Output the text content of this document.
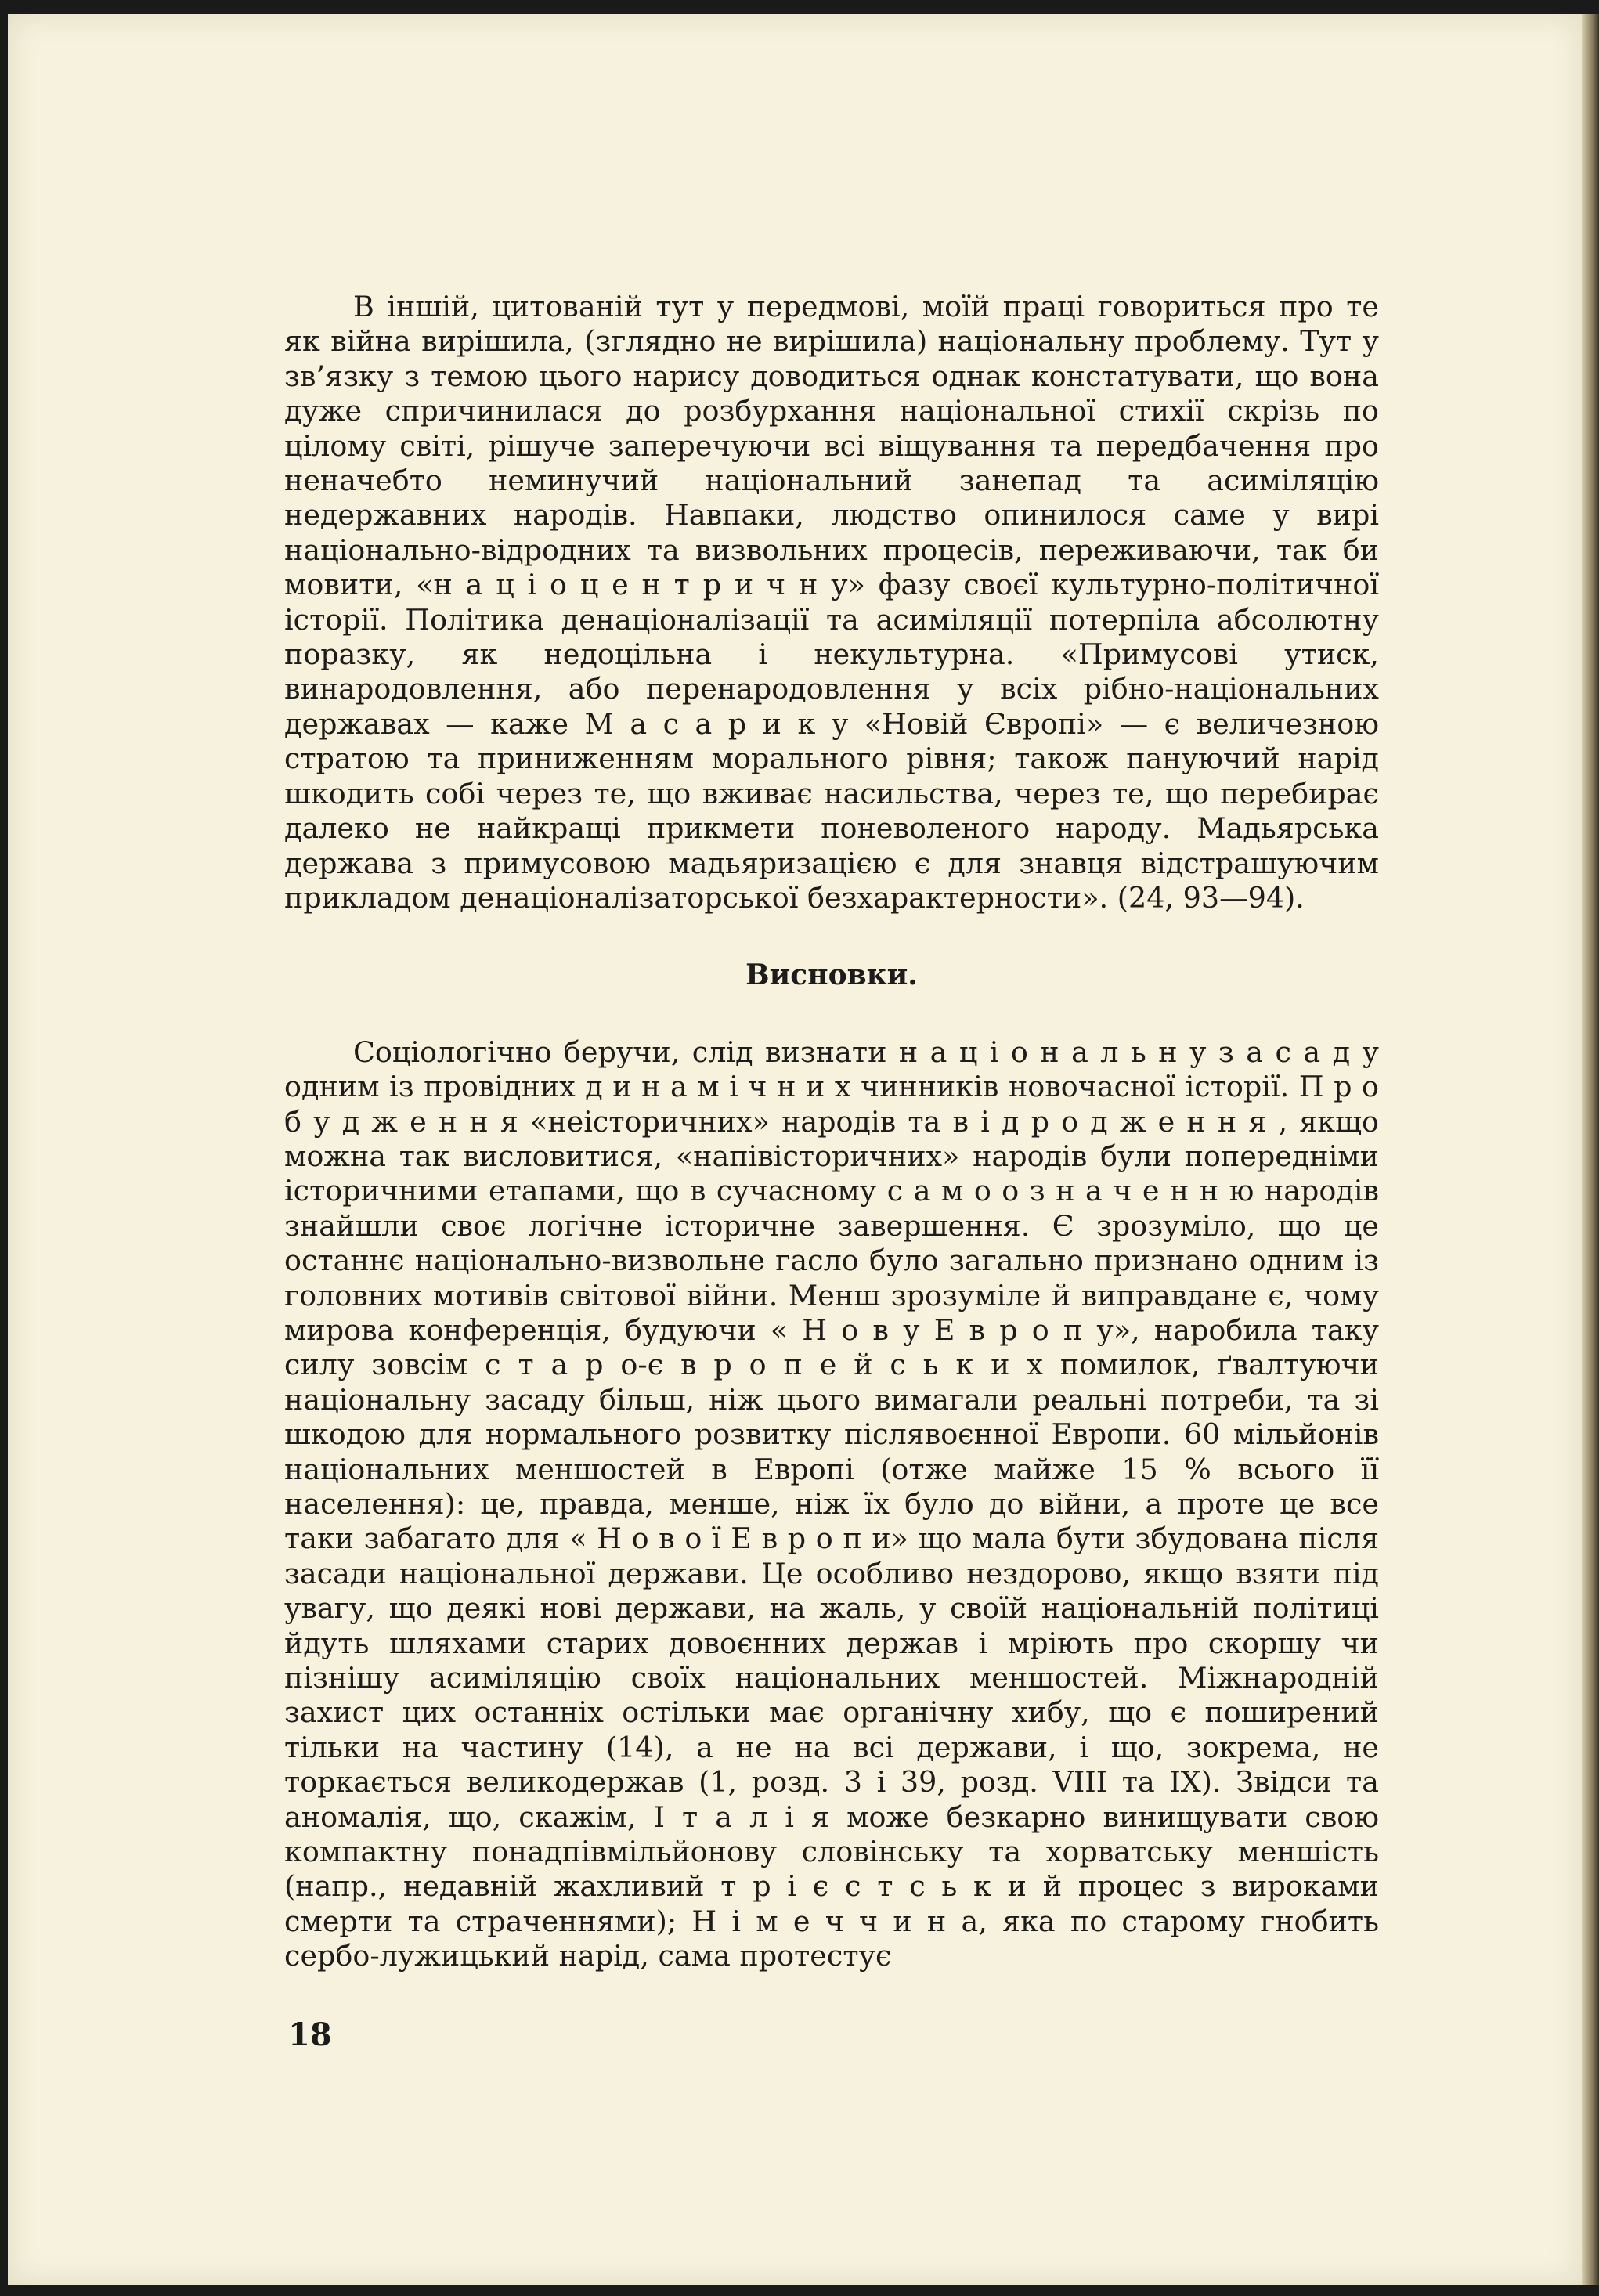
В іншій, цитованій тут у передмові, моїй праці говориться про те як війна вирішила, (зглядно не вирішила) національну проблему. Тут у зв’язку з темою цього нарису доводиться однак констатувати, що вона дуже спричинилася до розбурхання національної стихії скрізь по цілому світі, рішуче заперечуючи всі віщування та передбачення про неначебто неминучий національний занепад та асиміляцію недержавних народів. Навпаки, людство опинилося саме у вирі національно-відродних та визвольних процесів, переживаючи, так би мовити, «н а ц і о ц е н т р и ч н у» фазу своєї культурно-політичної історії. Політика денаціоналізації та асиміляції потерпіла абсолютну поразку, як недоцільна і некультурна. «Примусові утиск, винародовлення, або перенародовлення у всіх рібно-національних державах — каже М а с а р и к у «Новій Європі» — є величезною стратою та приниженням морального рівня; також пануючий нарід шкодить собі через те, що вживає насильства, через те, що перебирає далеко не найкращі прикмети поневоленого народу. Мадьярська держава з примусовою мадьяризацією є для знавця відстрашуючим прикладом денаціоналізаторської безхарактерности». (24, 93—94).

Висновки.

Соціологічно беручи, слід визнати н а ц і о н а л ь н у з а с а д у одним із провідних д и н а м і ч н и х чинників новочасної історії. П р о б у д ж е н н я «неісторичних» народів та в і д р о д ж е н н я , якщо можна так висловитися, «напівісторичних» народів були попередніми історичними етапами, що в сучасному с а м о о з н а ч е н н ю народів знайшли своє логічне історичне завершення. Є зрозуміло, що це останнє національно-визвольне гасло було загально признано одним із головних мотивів світової війни. Менш зрозуміле й виправдане є, чому мирова конференція, будуючи « Н о в у Е в р о п у», наробила таку силу зовсім с т а р о-є в р о п е й с ь к и х помилок, ґвалтуючи національну засаду більш, ніж цього вимагали реальні потреби, та зі шкодою для нормального розвитку післявоєнної Европи. 60 мільйонів національних меншостей в Европі (отже майже 15 % всього її населення): це, правда, менше, ніж їх було до війни, а проте це все таки забагато для « Н о в о ї Е в р о п и» що мала бути збудована після засади національної держави. Це особливо нездорово, якщо взяти під увагу, що деякі нові держави, на жаль, у своїй національній політиці йдуть шляхами старих довоєнних держав і мріють про скоршу чи пізнішу асиміляцію своїх національних меншостей. Міжнародній захист цих останніх остільки має органічну хибу, що є поширений тільки на частину (14), а не на всі держави, і що, зокрема, не торкається великодержав (1, розд. 3 і 39, розд. VIII та IX). Звідси та аномалія, що, скажім, І т а л і я може безкарно винищувати свою компактну понадпівмільйонову словінську та хорватську меншість (напр., недавній жахливий т р і є с т с ь к и й процес з вироками смерти та страченнями); Н і м е ч ч и н а, яка по старому гнобить сербо-лужицький нарід, сама протестує

18
